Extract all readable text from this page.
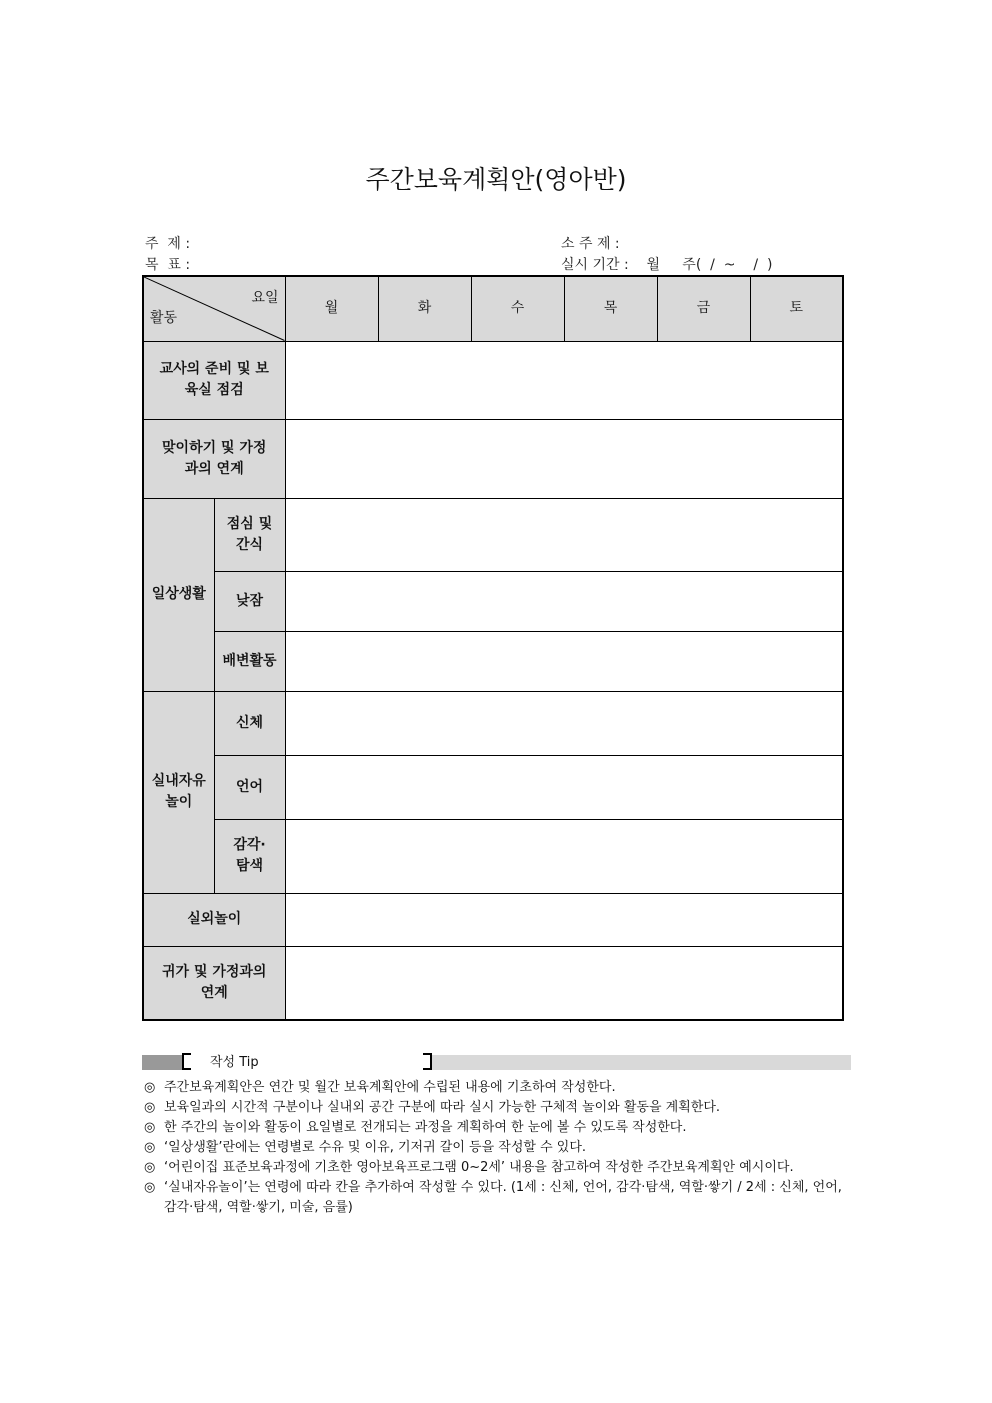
주간보육계획안(영아반)
주  제 :
목  표 :
소 주 제 :
실시 기간 :    월     주(  /  ~    /  )
요일
활동		월	화	수	목	금	토
교사의 준비 및 보육실 점검							
맞이하기 및 가정과의 연계							
일상생활	점심 및 간식						
	낮잠						
	배변활동						
실내자유 놀이	신체						
	언어						
	감각· 탐색						
실외놀이							
귀가 및 가정과의 연계							
작성 Tip
◎ 주간보육계획안은 연간 및 월간 보육계획안에 수립된 내용에 기초하여 작성한다.
◎ 보육일과의 시간적 구분이나 실내외 공간 구분에 따라 실시 가능한 구체적 놀이와 활동을 계획한다.
◎ 한 주간의 놀이와 활동이 요일별로 전개되는 과정을 계획하여 한 눈에 볼 수 있도록 작성한다.
◎ ‘일상생활’란에는 연령별로 수유 및 이유, 기저귀 갈이 등을 작성할 수 있다.
◎ ‘어린이집 표준보육과정에 기초한 영아보육프로그램 0~2세’ 내용을 참고하여 작성한 주간보육계획안 예시이다.
◎ ‘실내자유놀이’는 연령에 따라 칸을 추가하여 작성할 수 있다. (1세 : 신체, 언어, 감각·탐색, 역할·쌓기 / 2세 : 신체, 언어, 감각·탐색, 역할·쌓기, 미술, 음률)
